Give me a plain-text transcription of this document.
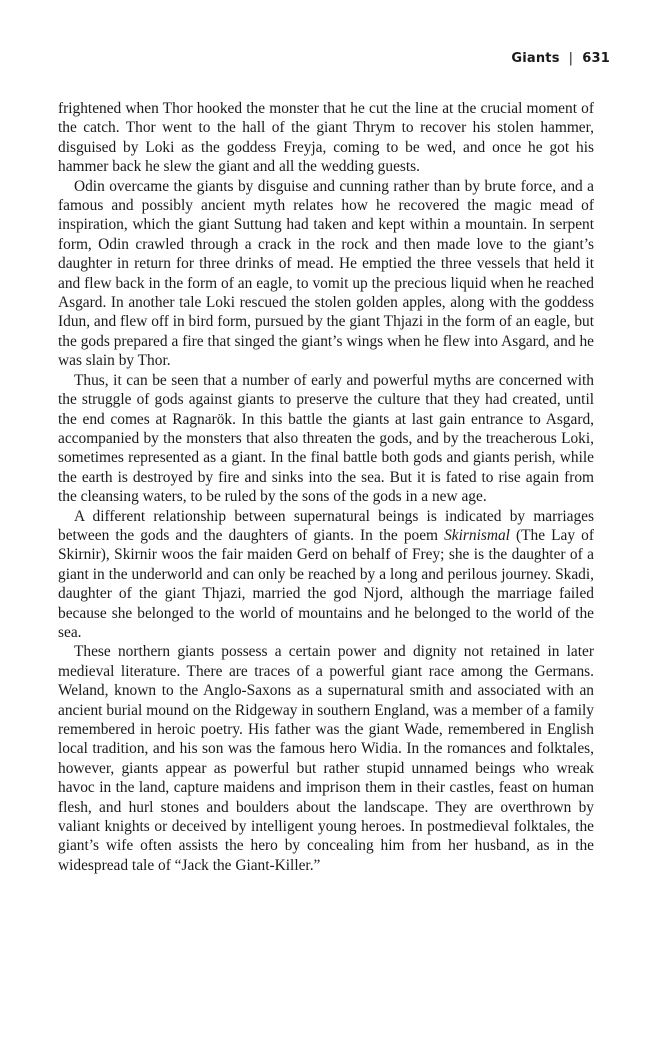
Giants | 631

frightened when Thor hooked the monster that he cut the line at the crucial moment of the catch. Thor went to the hall of the giant Thrym to recover his stolen hammer, disguised by Loki as the goddess Freyja, coming to be wed, and once he got his hammer back he slew the giant and all the wedding guests.

Odin overcame the giants by disguise and cunning rather than by brute force, and a famous and possibly ancient myth relates how he recovered the magic mead of inspiration, which the giant Suttung had taken and kept within a mountain. In serpent form, Odin crawled through a crack in the rock and then made love to the giant’s daughter in return for three drinks of mead. He emptied the three vessels that held it and flew back in the form of an eagle, to vomit up the precious liquid when he reached Asgard. In another tale Loki rescued the stolen golden apples, along with the goddess Idun, and flew off in bird form, pursued by the giant Thjazi in the form of an eagle, but the gods prepared a fire that singed the giant’s wings when he flew into Asgard, and he was slain by Thor.

Thus, it can be seen that a number of early and powerful myths are concerned with the struggle of gods against giants to preserve the culture that they had created, until the end comes at Ragnarök. In this battle the giants at last gain entrance to Asgard, accompanied by the monsters that also threaten the gods, and by the treacherous Loki, sometimes represented as a giant. In the final battle both gods and giants perish, while the earth is destroyed by fire and sinks into the sea. But it is fated to rise again from the cleansing waters, to be ruled by the sons of the gods in a new age.

A different relationship between supernatural beings is indicated by marriages between the gods and the daughters of giants. In the poem Skirnismal (The Lay of Skirnir), Skirnir woos the fair maiden Gerd on behalf of Frey; she is the daughter of a giant in the underworld and can only be reached by a long and perilous journey. Skadi, daughter of the giant Thjazi, married the god Njord, although the marriage failed because she belonged to the world of mountains and he belonged to the world of the sea.

These northern giants possess a certain power and dignity not retained in later medieval literature. There are traces of a powerful giant race among the Germans. Weland, known to the Anglo-Saxons as a supernatural smith and associated with an ancient burial mound on the Ridgeway in southern England, was a member of a family remembered in heroic poetry. His father was the giant Wade, remembered in English local tradition, and his son was the famous hero Widia. In the romances and folktales, however, giants appear as powerful but rather stupid unnamed beings who wreak havoc in the land, capture maidens and imprison them in their castles, feast on human flesh, and hurl stones and boulders about the landscape. They are overthrown by valiant knights or deceived by intelligent young heroes. In postmedieval folktales, the giant’s wife often assists the hero by concealing him from her husband, as in the widespread tale of “Jack the Giant-Killer.”
